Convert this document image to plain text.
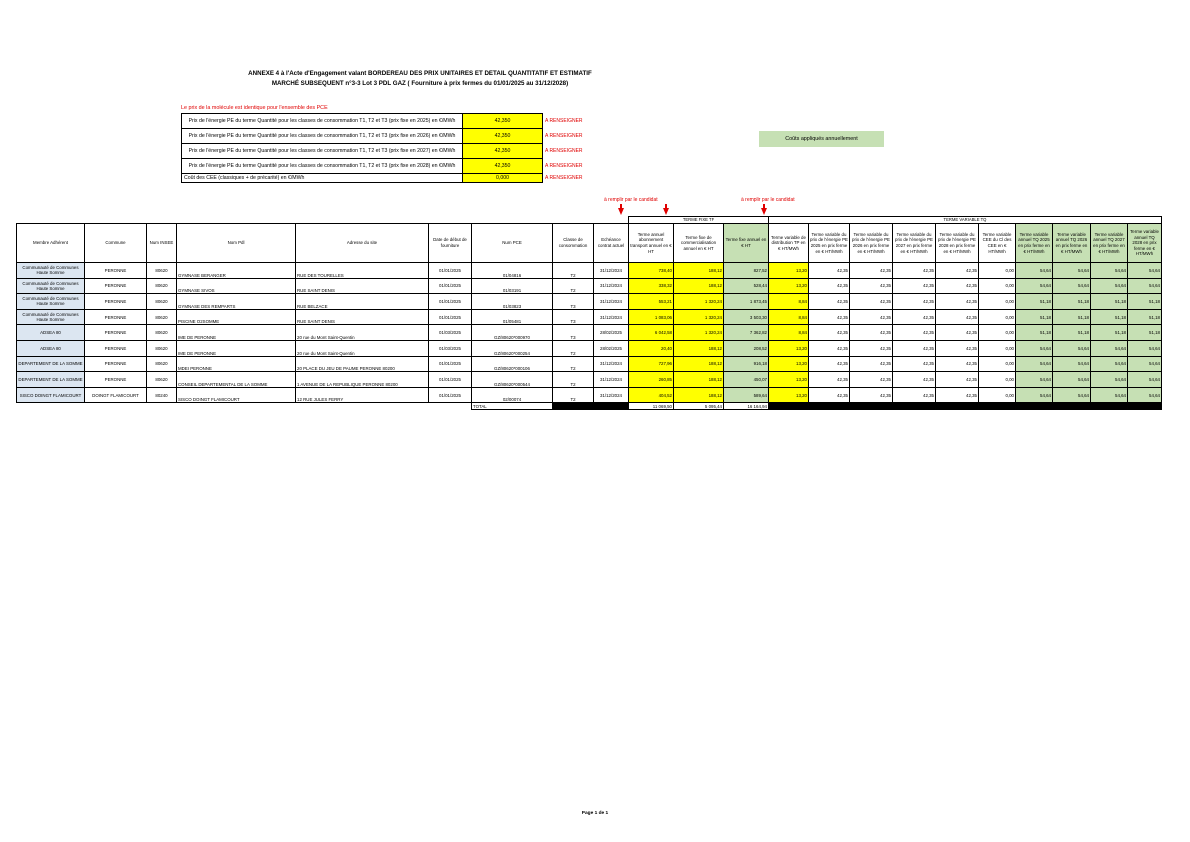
ANNEXE 4 à l'Acte d'Engagement valant BORDEREAU DES PRIX UNITAIRES ET DETAIL QUANTITATIF ET ESTIMATIF
MARCHÉ SUBSEQUENT n°3-3 Lot 3 PDL GAZ ( Fourniture à prix fermes du 01/01/2025 au 31/12/2028)
Le prix de la molécule est identique pour l'ensemble des PCE
Prix de l'énergie PE du terme Quantité pour les classes de consommation T1, T2 et T3 (prix fixe en 2025) en €/MWh	42,350	A RENSEIGNER
Prix de l'énergie PE du terme Quantité pour les classes de consommation T1, T2 et T3 (prix fixe en 2026) en €/MWh	42,350	A RENSEIGNER
Prix de l'énergie PE du terme Quantité pour les classes de consommation T1, T2 et T3 (prix fixe en 2027) en €/MWh	42,350	A RENSEIGNER
Prix de l'énergie PE du terme Quantité pour les classes de consommation T1, T2 et T3 (prix fixe en 2028) en €/MWh	42,350	A RENSEIGNER
Coût des CEE (classiques + de précarité) en €/MWh	0,000	A RENSEIGNER
Coûts appliqués annuellement
à remplir par le candidat	à remplir par le candidat
									TERME FIXE TF			TERME VARIABLE TQ									
Membre Adhérent	Commune	Num INSEE	Nom Pdl	Adresse du site	Date de début de fourniture	Num PCE	Classe de consommation	Echéance contrat actuel	Terme annuel abonnement transport annuel en € HT	Terme fixe de commercialisation annuel en € HT	Terme fixe annuel en € HT	Terme variable de distribution TP en € HT/MWh	Terme variable du prix de l'énergie PE 2025 en prix ferme en € HT/MWh	Terme variable du prix de l'énergie PE 2026 en prix ferme en € HT/MWh	Terme variable du prix de l'énergie PE 2027 en prix ferme en € HT/MWh	Terme variable du prix de l'énergie PE 2028 en prix ferme en € HT/MWh	Terme variable CEE du Cl des CEE en € HT/MWh	Terme variable annuel TQ 2025 en prix ferme en € HT/MWh	Terme variable annuel TQ 2026 en prix ferme en € HT/MWh	Terme variable annuel TQ 2027 en prix ferme en € HT/MWh	Terme variable annuel TQ 2028 en prix ferme en € HT/MWh
Communauté de Communes Haute Somme	PERONNE	80620	GYMNASE BERANGER	RUE DES TOURELLES	01/01/2025	01/04816	T2	31/12/2024	738,40	188,12	827,52	13,20	42,35	42,35	42,35	42,35	0,00	54,64	54,64	54,64	54,64
Communauté de Communes Haute Somme	PERONNE	80620	GYMNASE SIVOS	RUE SAINT DENIS	01/01/2025	01/03191	T2	31/12/2024	338,32	188,12	528,44	13,20	42,35	42,35	42,35	42,35	0,00	54,64	54,64	54,64	54,64
Communauté de Communes Haute Somme	PERONNE	80620	GYMNASE DES REMPARTS	RUE BELZACE	01/01/2025	01/03823	T3	31/12/2024	553,21	1 320,24	1 873,45	8,84	42,35	42,35	42,35	42,35	0,00	51,18	51,18	51,18	51,18
Communauté de Communes Haute Somme	PERONNE	80620	PISCINE O2SOMME	RUE SAINT DENIS	01/01/2025	01/05481	T3	31/12/2024	1 083,06	1 320,24	3 503,30	8,84	42,35	42,35	42,35	42,35	0,00	51,18	51,18	51,18	51,18
ADSEA 80	PERONNE	80620	IME DE PERONNE	20 rue du Mont Saint-Quentin	01/03/2025	GZ/80620*000970	T3	28/02/2025	6 042,58	1 320,24	7 362,82	8,84	42,35	42,35	42,35	42,35	0,00	51,18	51,18	51,18	51,18
ADSEA 80	PERONNE	80620	IME DE PERONNE	20 rue du Mont Saint-Quentin	01/03/2025	GZ/80620*000254	T2	28/02/2025	20,40	188,12	208,52	13,20	42,35	42,35	42,35	42,35	0,00	54,64	54,64	54,64	54,64
DEPARTEMENT DE LA SOMME	PERONNE	80620	MDEI PERONNE	20 PLACE DU JEU DE PAUME PERONNE 80200	01/01/2025	GZ/80620*000106	T2	31/12/2024	727,96	188,12	916,18	13,20	42,35	42,35	42,35	42,35	0,00	54,64	54,64	54,64	54,64
DEPARTEMENT DE LA SOMME	PERONNE	80620	CONSEIL DEPARTEMENTAL DE LA SOMME	1 AVENUE DE LA REPUBLIQUE PERONNE 80200	01/01/2025	GZ/80620*000544	T2	31/12/2024	260,85	188,12	450,07	13,20	42,35	42,35	42,35	42,35	0,00	54,64	54,64	54,64	54,64
SISCO DOINGT FLAMICOURT	DOINGT FLAMICOURT	80240	SISCO DOINGT FLAMICOURT	12 RUE JULES FERRY	01/01/2025	02/00074	T2	31/12/2024	404,52	188,12	589,64	13,20	42,35	42,35	42,35	42,35	0,00	54,64	54,64	54,64	54,64
						TOTAL			11 069,50	5 095,44	16 164,94										
Page 1 de 1
